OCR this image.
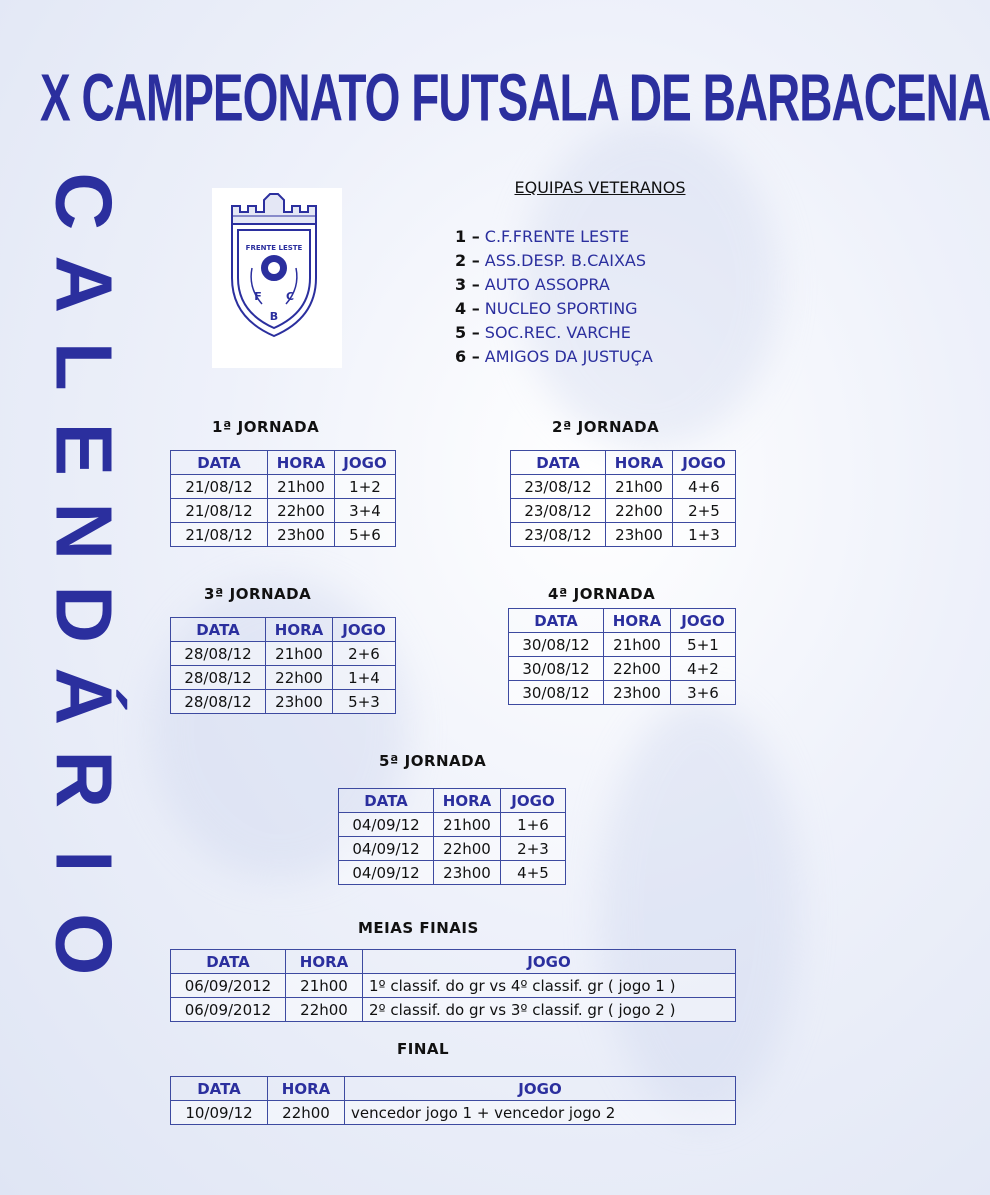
X CAMPEONATO FUTSALA DE BARBACENA
C
A
L
E
N
D
Á
R
I
O
FRENTE LESTE
F C
B
EQUIPAS VETERANOS
1 – C.F.FRENTE LESTE
2 – ASS.DESP. B.CAIXAS
3 – AUTO ASSOPRA
4 – NUCLEO SPORTING
5 – SOC.REC. VARCHE
6 – AMIGOS DA JUSTUÇA
1ª JORNADA
DATA	HORA	JOGO
21/08/12	21h00	1+2
21/08/12	22h00	3+4
21/08/12	23h00	5+6
2ª JORNADA
DATA	HORA	JOGO
23/08/12	21h00	4+6
23/08/12	22h00	2+5
23/08/12	23h00	1+3
3ª JORNADA
DATA	HORA	JOGO
28/08/12	21h00	2+6
28/08/12	22h00	1+4
28/08/12	23h00	5+3
4ª JORNADA
DATA	HORA	JOGO
30/08/12	21h00	5+1
30/08/12	22h00	4+2
30/08/12	23h00	3+6
5ª JORNADA
DATA	HORA	JOGO
04/09/12	21h00	1+6
04/09/12	22h00	2+3
04/09/12	23h00	4+5
MEIAS FINAIS
DATA	HORA	JOGO
06/09/2012	21h00	1º classif. do gr vs 4º classif. gr ( jogo 1 )
06/09/2012	22h00	2º classif. do gr vs 3º classif. gr ( jogo 2 )
FINAL
DATA	HORA	JOGO
10/09/12	22h00	vencedor jogo 1 + vencedor jogo 2
